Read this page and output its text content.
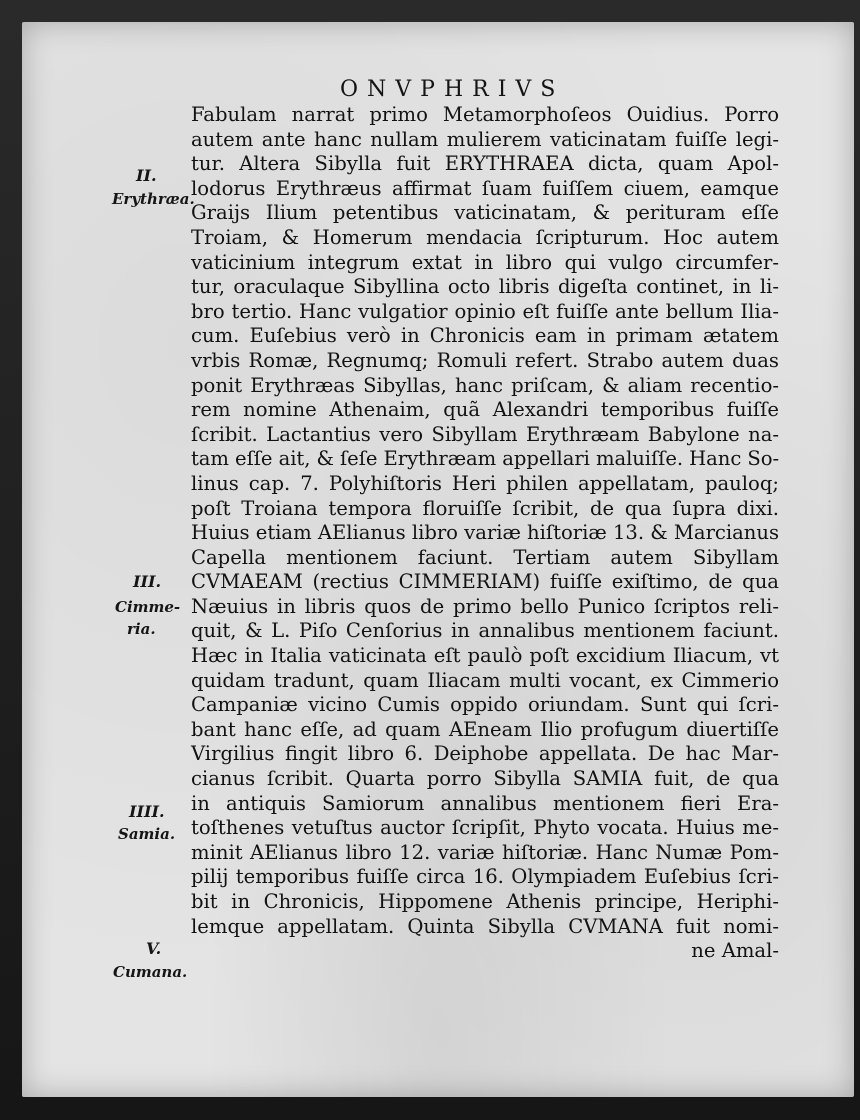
ONVPHRIVS
II.
Erythræa.
III.
Cimme-
ria.
IIII.
Samia.
V.
Cumana.
Fabulam narrat primo Metamorphoſeos Ouidius. Porro
autem ante hanc nullam mulierem vaticinatam fuiſſe legi-
tur. Altera Sibylla fuit ERYTHRAEA dicta, quam Apol-
lodorus Erythræus affirmat ſuam fuiſſem ciuem, eamque
Graijs Ilium petentibus vaticinatam, & perituram eſſe
Troiam, & Homerum mendacia ſcripturum. Hoc autem
vaticinium integrum extat in libro qui vulgo circumfer-
tur, oraculaque Sibyllina octo libris digeſta continet, in li-
bro tertio. Hanc vulgatior opinio eſt fuiſſe ante bellum Ilia-
cum. Euſebius verò in Chronicis eam in primam ætatem
vrbis Romæ, Regnumq; Romuli refert. Strabo autem duas
ponit Erythræas Sibyllas, hanc priſcam, & aliam recentio-
rem nomine Athenaim, quã Alexandri temporibus fuiſſe
ſcribit. Lactantius vero Sibyllam Erythræam Babylone na-
tam eſſe ait, & ſeſe Erythræam appellari maluiſſe. Hanc So-
linus cap. 7. Polyhiſtoris Heri philen appellatam, pauloq;
poſt Troiana tempora floruiſſe ſcribit, de qua ſupra dixi.
Huius etiam AElianus libro variæ hiſtoriæ 13. & Marcianus
Capella mentionem faciunt. Tertiam autem Sibyllam
CVMAEAM (rectius CIMMERIAM) fuiſſe exiſtimo, de qua
Næuius in libris quos de primo bello Punico ſcriptos reli-
quit, & L. Piſo Cenſorius in annalibus mentionem faciunt.
Hæc in Italia vaticinata eſt paulò poſt excidium Iliacum, vt
quidam tradunt, quam Iliacam multi vocant, ex Cimmerio
Campaniæ vicino Cumis oppido oriundam. Sunt qui ſcri-
bant hanc eſſe, ad quam AEneam Ilio profugum diuertiſſe
Virgilius fingit libro 6. Deiphobe appellata. De hac Mar-
cianus ſcribit. Quarta porro Sibylla SAMIA fuit, de qua
in antiquis Samiorum annalibus mentionem fieri Era-
toſthenes vetuſtus auctor ſcripſit, Phyto vocata. Huius me-
minit AElianus libro 12. variæ hiſtoriæ. Hanc Numæ Pom-
pilij temporibus fuiſſe circa 16. Olympiadem Euſebius ſcri-
bit in Chronicis, Hippomene Athenis principe, Heriphi-
lemque appellatam. Quinta Sibylla CVMANA fuit nomi-
ne Amal-
